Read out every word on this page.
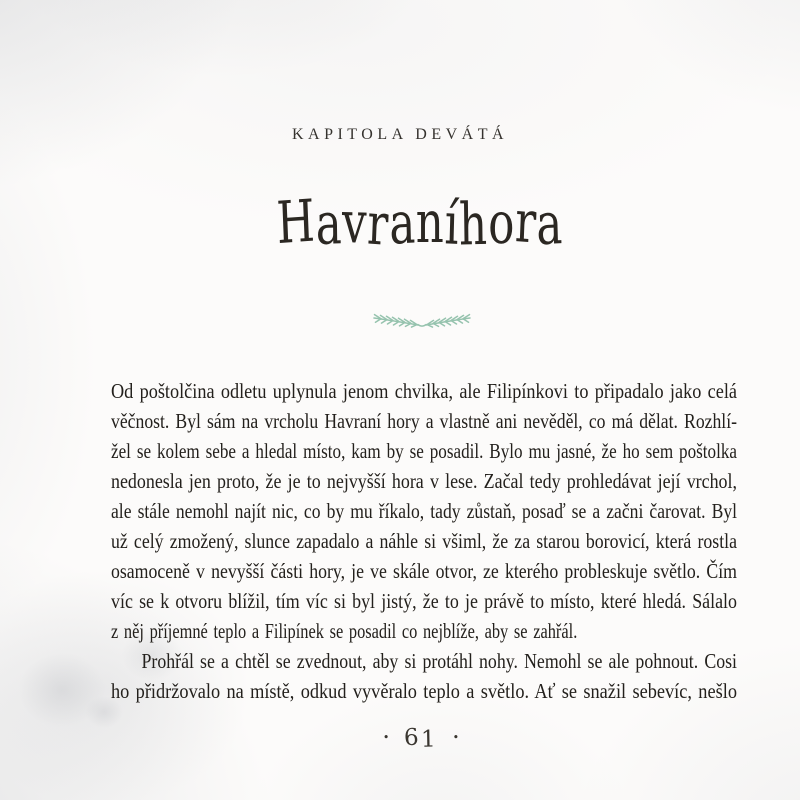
KAPITOLA DEVÁTÁ
Havraníhora
Od poštolčina odletu uplynula jenom chvilka, ale Filipínkovi to připadalo jako celá
věčnost. Byl sám na vrcholu Havraní hory a vlastně ani nevěděl, co má dělat. Rozhlí-
žel se kolem sebe a hledal místo, kam by se posadil. Bylo mu jasné, že ho sem poštolka
nedonesla jen proto, že je to nejvyšší hora v lese. Začal tedy prohledávat její vrchol,
ale stále nemohl najít nic, co by mu říkalo, tady zůstaň, posaď se a začni čarovat. Byl
už celý zmožený, slunce zapadalo a náhle si všiml, že za starou borovicí, která rostla
osamoceně v nevyšší části hory, je ve skále otvor, ze kterého probleskuje světlo. Čím
víc se k otvoru blížil, tím víc si byl jistý, že to je právě to místo, které hledá. Sálalo
z něj příjemné teplo a Filipínek se posadil co nejblíže, aby se zahřál.
Prohřál se a chtěl se zvednout, aby si protáhl nohy. Nemohl se ale pohnout. Cosi
ho přidržovalo na místě, odkud vyvěralo teplo a světlo. Ať se snažil sebevíc, nešlo
• 61 •
